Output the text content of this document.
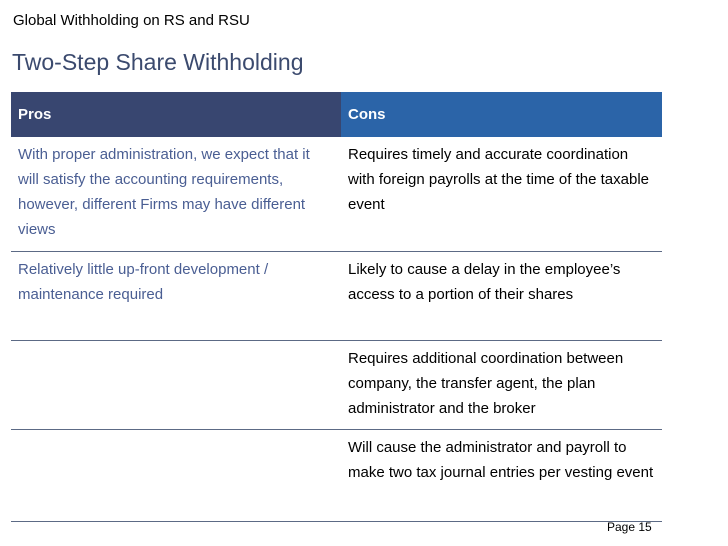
Global Withholding on RS and RSU
Two-Step Share Withholding
Pros	Cons
With proper administration, we expect that it will satisfy the accounting requirements, however, different Firms may have different views
Requires timely and accurate coordination with foreign payrolls at the time of the taxable event
Relatively little up-front development / maintenance required
Likely to cause a delay in the employee’s access to a portion of their shares
Requires additional coordination between company, the transfer agent, the plan administrator and the broker
Will cause the administrator and payroll to make two tax journal entries per vesting event
Page 15
